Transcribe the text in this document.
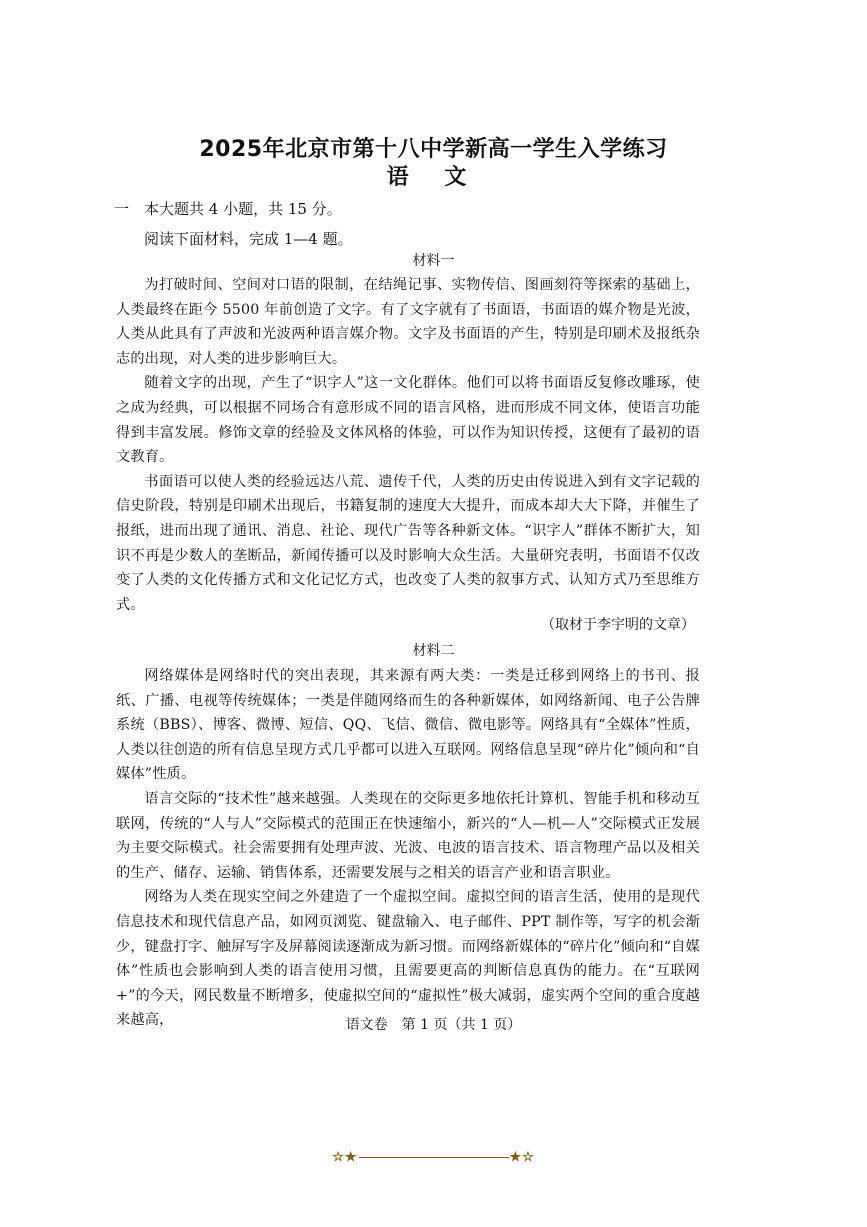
2025年北京市第十八中学新高一学生入学练习
语 文
一　本大题共 4 小题，共 15 分。
阅读下面材料，完成 1—4 题。
材料一

为打破时间、空间对口语的限制，在结绳记事、实物传信、图画刻符等探索的基础上，人类最终在距今 5500 年前创造了文字。有了文字就有了书面语，书面语的媒介物是光波，人类从此具有了声波和光波两种语言媒介物。文字及书面语的产生，特别是印刷术及报纸杂志的出现，对人类的进步影响巨大。

随着文字的出现，产生了“识字人”这一文化群体。他们可以将书面语反复修改雕琢，使之成为经典，可以根据不同场合有意形成不同的语言风格，进而形成不同文体，使语言功能得到丰富发展。修饰文章的经验及文体风格的体验，可以作为知识传授，这便有了最初的语文教育。

书面语可以使人类的经验远达八荒、遗传千代，人类的历史由传说进入到有文字记载的信史阶段，特别是印刷术出现后，书籍复制的速度大大提升，而成本却大大下降，并催生了报纸，进而出现了通讯、消息、社论、现代广告等各种新文体。“识字人”群体不断扩大，知识不再是少数人的垄断品，新闻传播可以及时影响大众生活。大量研究表明，书面语不仅改变了人类的文化传播方式和文化记忆方式，也改变了人类的叙事方式、认知方式乃至思维方式。

（取材于李宇明的文章）
材料二

网络媒体是网络时代的突出表现，其来源有两大类：一类是迁移到网络上的书刊、报纸、广播、电视等传统媒体；一类是伴随网络而生的各种新媒体，如网络新闻、电子公告牌系统（BBS）、博客、微博、短信、QQ、飞信、微信、微电影等。网络具有“全媒体”性质，人类以往创造的所有信息呈现方式几乎都可以进入互联网。网络信息呈现“碎片化”倾向和“自媒体”性质。

语言交际的“技术性”越来越强。人类现在的交际更多地依托计算机、智能手机和移动互联网，传统的“人与人”交际模式的范围正在快速缩小，新兴的“人—机—人”交际模式正发展为主要交际模式。社会需要拥有处理声波、光波、电波的语言技术、语言物理产品以及相关的生产、储存、运输、销售体系，还需要发展与之相关的语言产业和语言职业。

网络为人类在现实空间之外建造了一个虚拟空间。虚拟空间的语言生活，使用的是现代信息技术和现代信息产品，如网页浏览、键盘输入、电子邮件、PPT 制作等，写字的机会渐少，键盘打字、触屏写字及屏幕阅读逐渐成为新习惯。而网络新媒体的“碎片化”倾向和“自媒体”性质也会影响到人类的语言使用习惯，且需要更高的判断信息真伪的能力。在“互联网+”的今天，网民数量不断增多，使虚拟空间的“虚拟性”极大减弱，虚实两个空间的重合度越来越高，	语文卷　第 1 页（共 1 页）
☆★	★☆
